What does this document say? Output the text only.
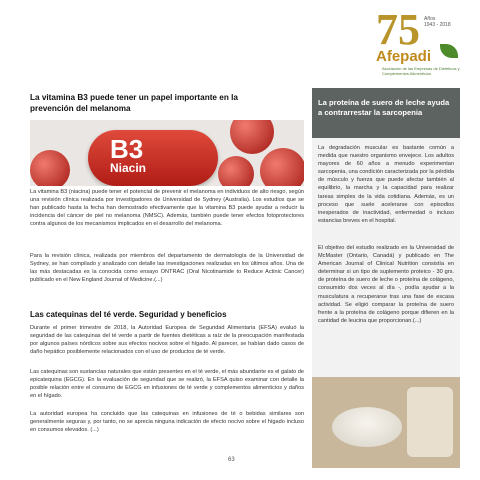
75 Años
1943 - 2018
Afepadi
Asociación de las Empresas de Dietéticos y Complementos Alimenticios
La vitamina B3 puede tener un papel importante en la prevención del melanoma
B3
Niacin

La vitamina B3 (niacina) puede tener el potencial de prevenir el melanoma en individuos de alto riesgo, según una revisión clínica realizada por investigadores de Universidad de Sydney (Australia). Los estudios que se han publicado hasta la fecha han demostrado efectivamente que la vitamina B3 puede ayudar a reducir la incidencia del cáncer de piel no melanoma (NMSC). Además, también puede tener efectos fotoprotectores contra algunos de los mecanismos implicados en el desarrollo del melanoma.

Para la revisión clínica, realizada por miembros del departamento de dermatología de la Universidad de Sydney, se han compilado y analizado con detalle las investigaciones realizadas en los últimos años. Una de las más destacadas es la conocida como ensayo ONTRAC (Oral Nicotinamide to Reduce Actinic Cancer) publicado en el New England Journal of Medicine.(...)

Las catequinas del té verde. Seguridad y beneficios

Durante el primer trimestre de 2018, la Autoridad Europea de Seguridad Alimentaria (EFSA) evaluó la seguridad de las catequinas del té verde a partir de fuentes dietéticas a raíz de la preocupación manifestada por algunos países nórdicos sobre sus efectos nocivos sobre el hígado. Al parecer, se habían dado casos de daño hepático posiblemente relacionados con el uso de productos de té verde.

Las catequinas son sustancias naturales que están presentes en el té verde, el más abundante es el galato de epicatequina (EGCG). En la evaluación de seguridad que se realizó, la EFSA quiso examinar con detalle la posible relación entre el consumo de EGCG en infusiones de té verde y complementos alimenticios y daños en el hígado.

La autoridad europea ha concluido que las catequinas en infusiones de té o bebidas similares son generalmente seguras y, por tanto, no se aprecia ninguna indicación de efecto nocivo sobre el hígado incluso en consumos elevados. (...)

La proteína de suero de leche ayuda a contrarrestar la sarcopenia

La degradación muscular es bastante común a medida que nuestro organismo envejece. Los adultos mayores de 60 años a menudo experimentan sarcopenia, una condición caracterizada por la pérdida de músculo y fuerza que puede afectar también al equilibrio, la marcha y la capacidad para realizar tareas simples de la vida cotidiana. Además, es un proceso que suele acelerarse con episodios inesperados de inactividad, enfermedad o incluso estancias breves en el hospital.

El objetivo del estudio realizado en la Universidad de McMaster (Ontario, Canadá) y publicado en The American Journal of Clinical Nutrition consistía en determinar si un tipo de suplemento proteico - 30 grs. de proteína de suero de leche o proteína de colágeno, consumido dos veces al día -, podía ayudar a la musculatura a recuperarse tras una fase de escasa actividad. Se eligió comparar la proteína de suero frente a la proteína de colágeno porque difieren en la cantidad de leucina que proporcionan.(...)

63
